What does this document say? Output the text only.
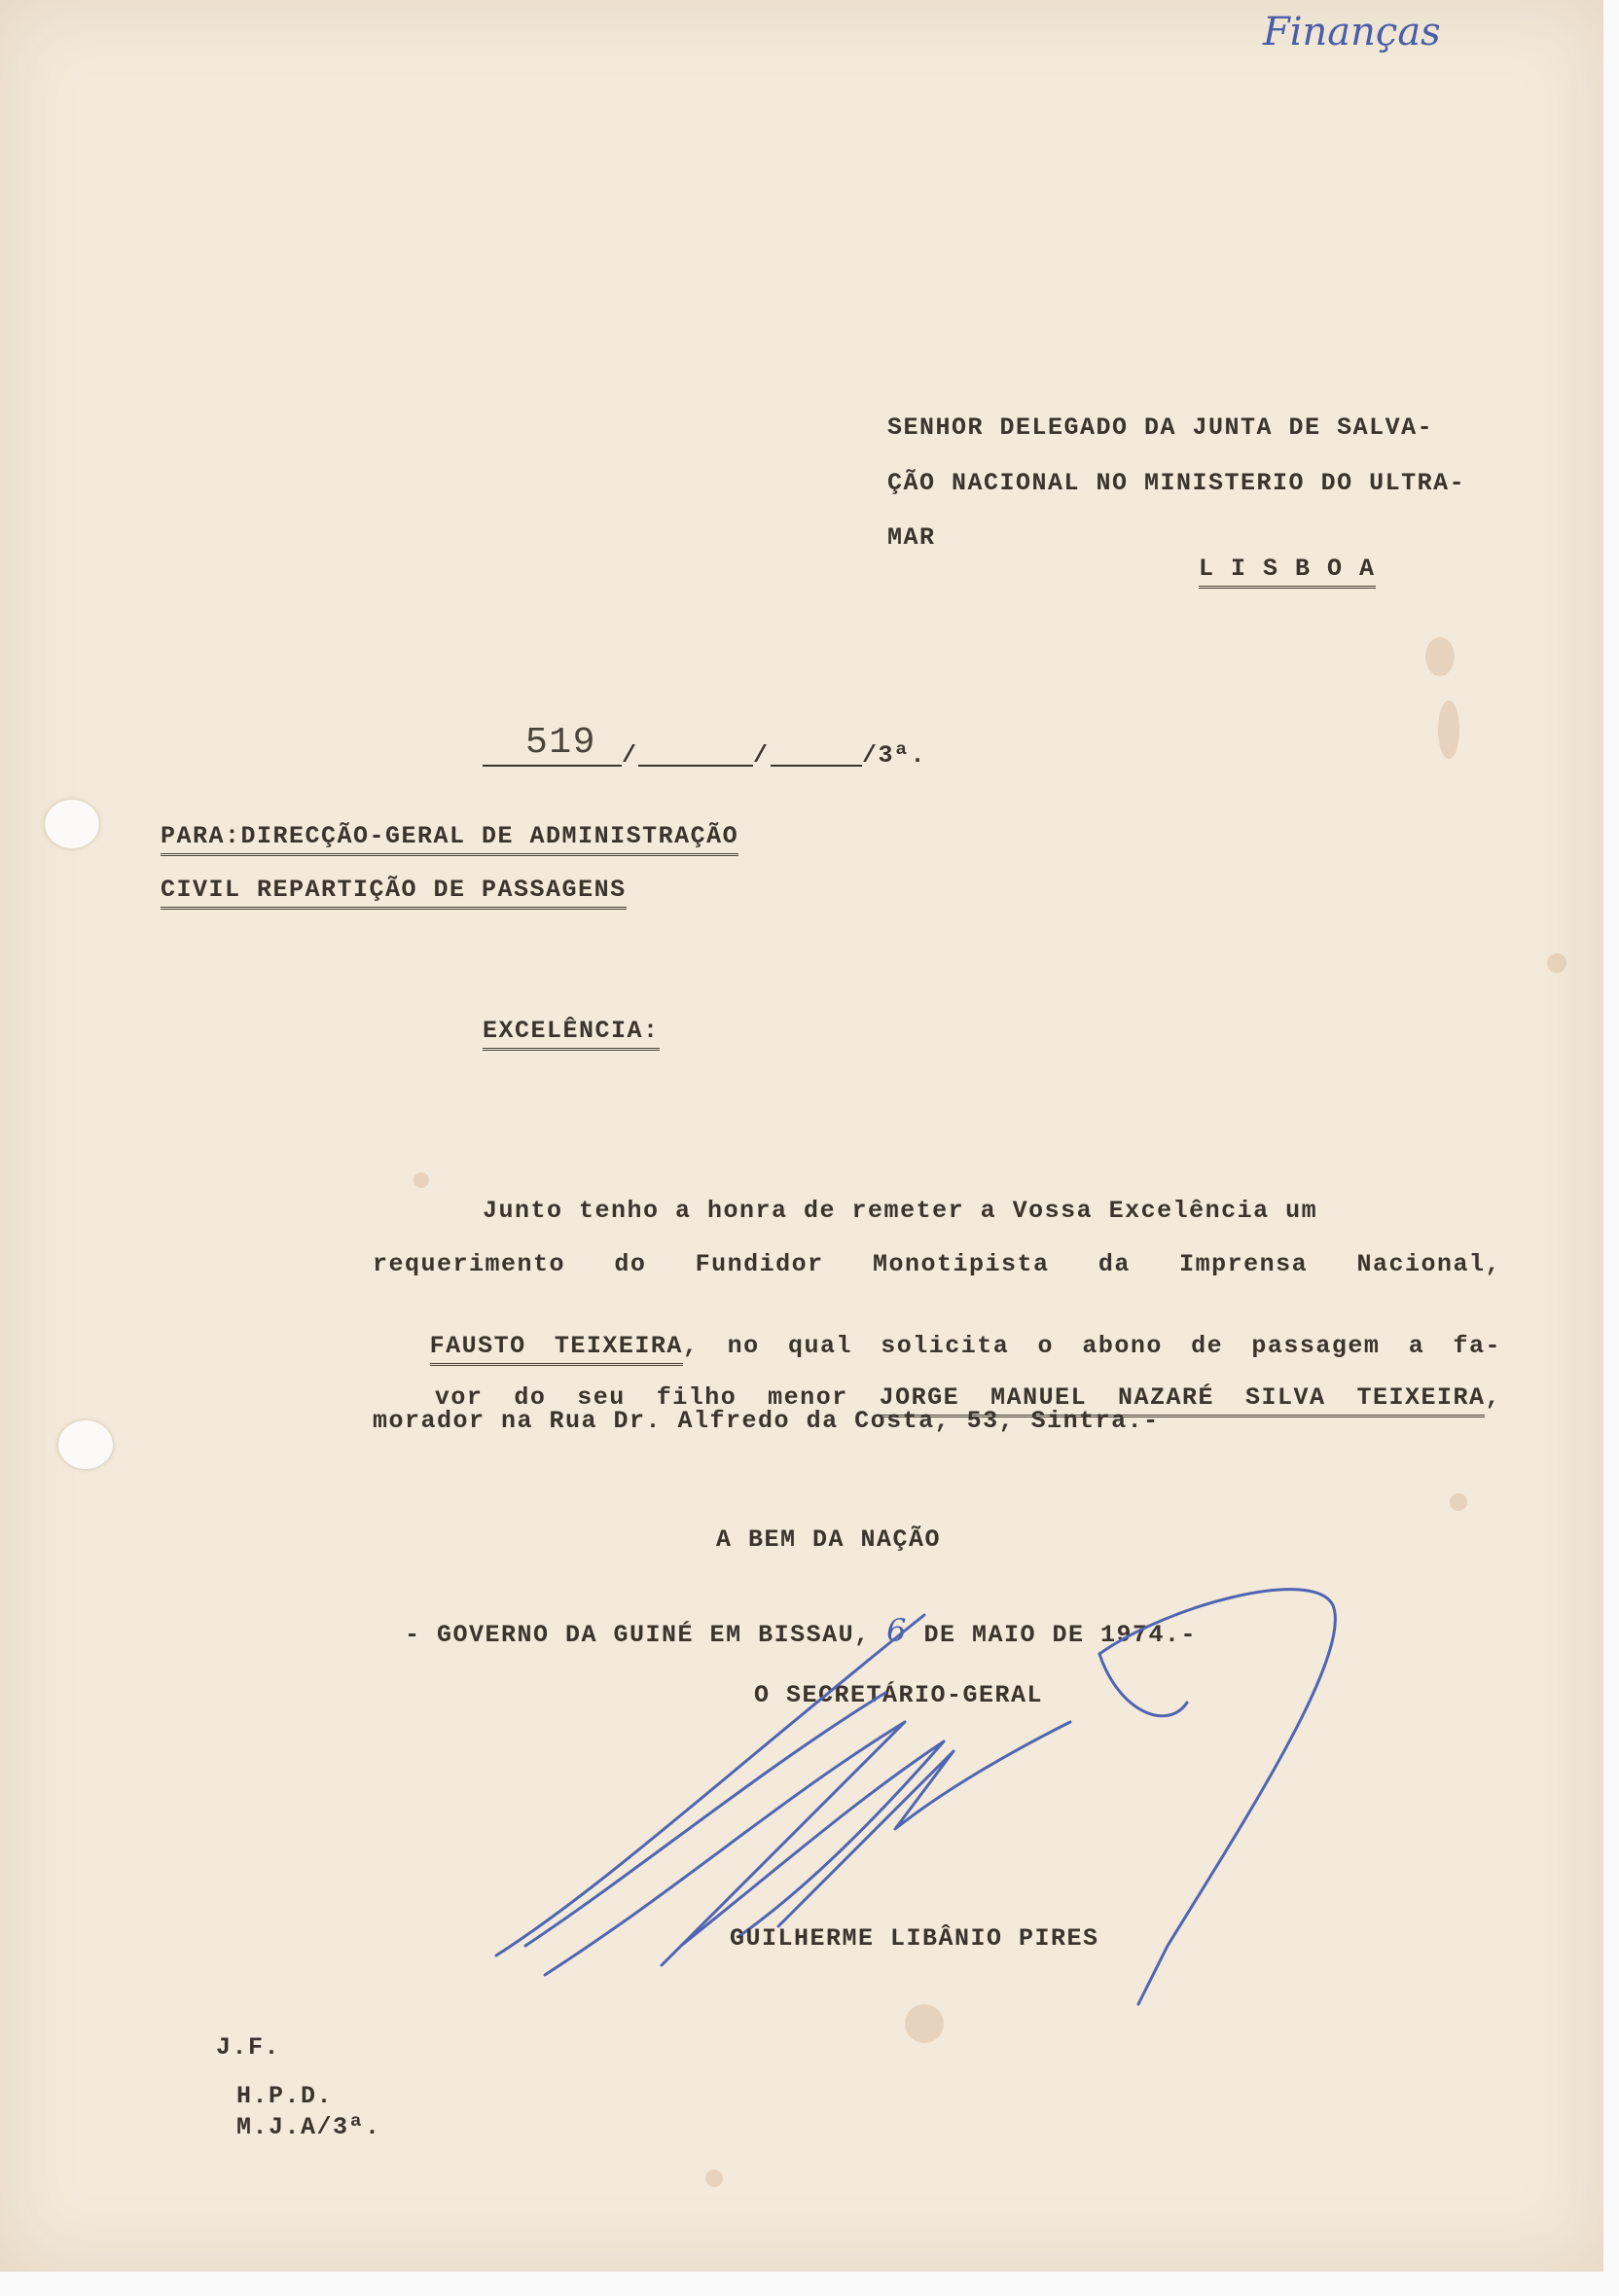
Finanças
SENHOR DELEGADO DA JUNTA DE SALVA-
ÇÃO NACIONAL NO MINISTERIO DO ULTRA-
MAR
L I S B O A
519 /	/	/3ª.
PARA:DIRECÇÃO-GERAL DE ADMINISTRAÇÃO
CIVIL REPARTIÇÃO DE PASSAGENS
EXCELÊNCIA:
Junto tenho a honra de remeter a Vossa Excelência um
requerimento do Fundidor Monotipista da Imprensa Nacional,

FAUSTO TEIXEIRA, no qual solicita o abono de passagem a fa-

vor do seu filho menor JORGE MANUEL NAZARÉ SILVA TEIXEIRA,

morador na Rua Dr. Alfredo da Costa, 53, Sintra.-
A BEM DA NAÇÃO

- GOVERNO DA GUINÉ EM BISSAU, 6 DE MAIO DE 1974.-

O SECRETÁRIO-GERAL
GUILHERME LIBÂNIO PIRES
J.F.
H.P.D.
M.J.A/3ª.
